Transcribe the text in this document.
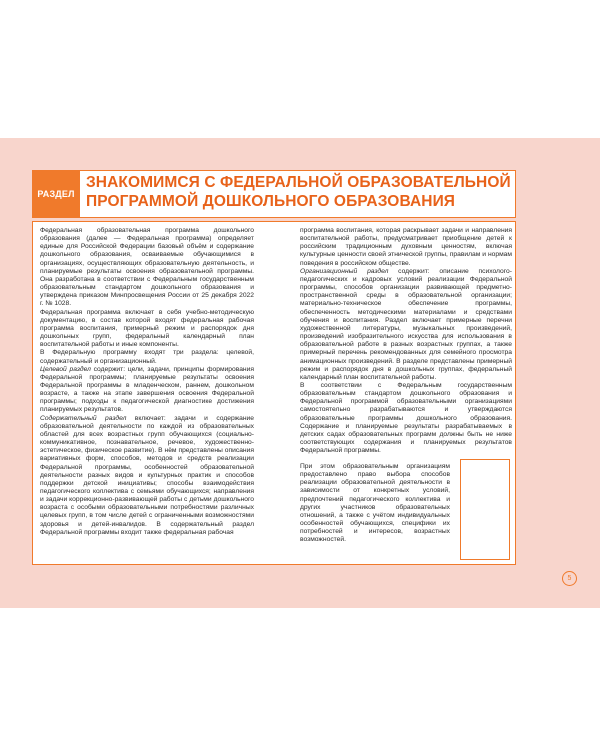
РАЗДЕЛ
ЗНАКОМИМСЯ С ФЕДЕРАЛЬНОЙ ОБРАЗОВАТЕЛЬНОЙ
ПРОГРАММОЙ ДОШКОЛЬНОГО ОБРАЗОВАНИЯ

Федеральная образовательная программа дошкольного образования (далее — Федеральная программа) определяет единые для Российской Федерации базовый объём и содержание дошкольного образования, осваиваемые обучающимися в организациях, осуществляющих образовательную деятельность, и планируемые результаты освоения образовательной программы. Она разработана в соответствии с Федеральным государственным образовательным стандартом дошкольного образования и утверждена приказом Минпросвещения России от 25 декабря 2022 г. № 1028.

Федеральная программа включает в себя учебно-методическую документацию, в состав которой входят федеральная рабочая программа воспитания, примерный режим и распорядок дня дошкольных групп, федеральный календарный план воспитательной работы и иные компоненты.

В Федеральную программу входят три раздела: целевой, содержательный и организационный.

Целевой раздел содержит: цели, задачи, принципы формирования Федеральной программы; планируемые результаты освоения Федеральной программы в младенческом, раннем, дошкольном возрасте, а также на этапе завершения освоения Федеральной программы; подходы к педагогической диагностике достижения планируемых результатов.

Содержательный раздел включает: задачи и содержание образовательной деятельности по каждой из образовательных областей для всех возрастных групп обучающихся (социально-коммуникативное, познавательное, речевое, художественно-эстетическое, физическое развитие). В нём представлены описания вариативных форм, способов, методов и средств реализации Федеральной программы, особенностей образовательной деятельности разных видов и культурных практик и способов поддержки детской инициативы; способы взаимодействия педагогического коллектива с семьями обучающихся; направления и задачи коррекционно-развивающей работы с детьми дошкольного возраста с особыми образовательными потребностями различных целевых групп, в том числе детей с ограниченными возможностями здоровья и детей-инвалидов. В содержательный раздел Федеральной программы входит также федеральная рабочая

программа воспитания, которая раскрывает задачи и направления воспитательной работы, предусматривает приобщение детей к российским традиционным духовным ценностям, включая культурные ценности своей этнической группы, правилам и нормам поведения в российском обществе.

Организационный раздел содержит: описание психолого-педагогических и кадровых условий реализации Федеральной программы, способов организации развивающей предметно-пространственной среды в образовательной организации; материально-техническое обеспечение программы, обеспеченность методическими материалами и средствами обучения и воспитания. Раздел включает примерные перечни художественной литературы, музыкальных произведений, произведений изобразительного искусства для использования в образовательной работе в разных возрастных группах, а также примерный перечень рекомендованных для семейного просмотра анимационных произведений. В разделе представлены примерный режим и распорядок дня в дошкольных группах, федеральный календарный план воспитательной работы.

В соответствии с Федеральным государственным образовательным стандартом дошкольного образования и Федеральной программой образовательными организациями самостоятельно разрабатываются и утверждаются образовательные программы дошкольного образования. Содержание и планируемые результаты разрабатываемых в детских садах образовательных программ должны быть не ниже соответствующих содержания и планируемых результатов Федеральной программы.

При этом образовательным организациям предоставлено право выбора способов реализации образовательной деятельности в зависимости от конкретных условий, предпочтений педагогического коллектива и других участников образовательных отношений, а также с учётом индивидуальных особенностей обучающихся, специфики их потребностей и интересов, возрастных возможностей.

5
